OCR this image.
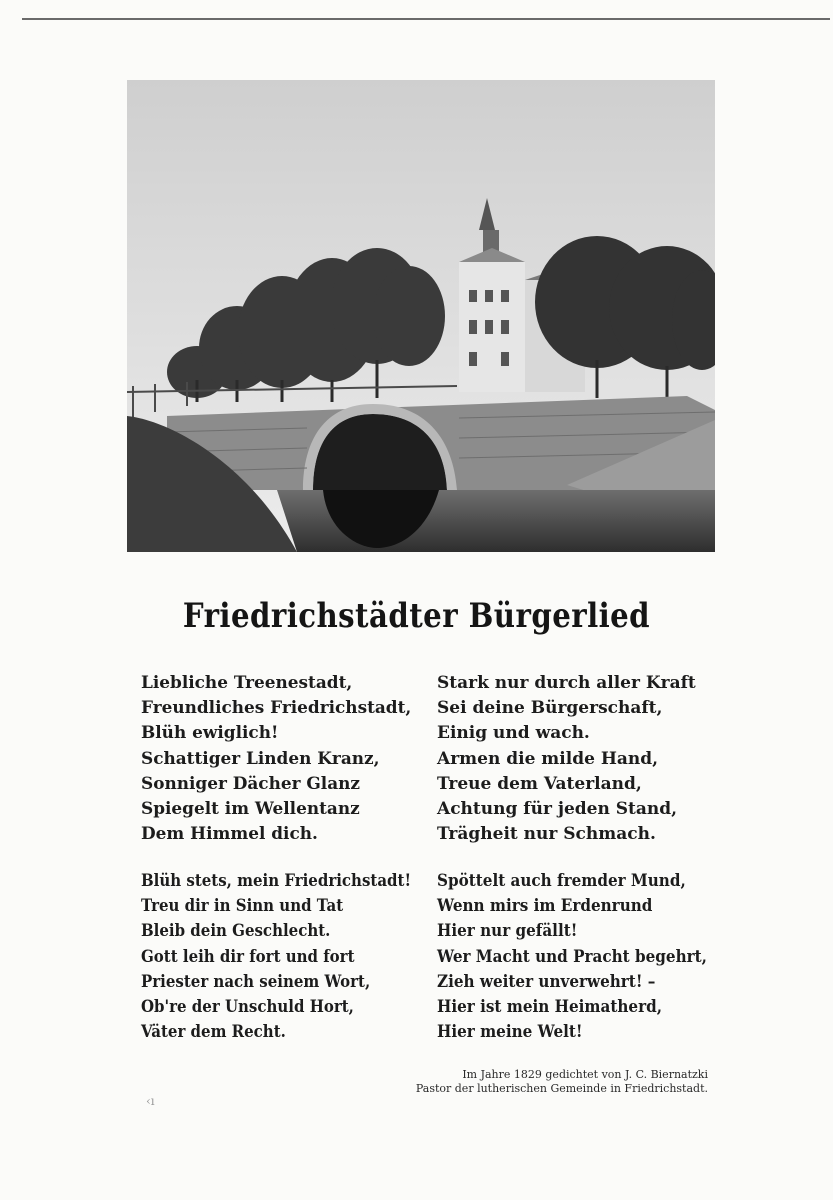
Friedrichstädter Bürgerlied
Liebliche Treenestadt,
Freundliches Friedrichstadt,
Blüh ewiglich!
Schattiger Linden Kranz,
Sonniger Dächer Glanz
Spiegelt im Wellentanz
Dem Himmel dich.
Stark nur durch aller Kraft
Sei deine Bürgerschaft,
Einig und wach.
Armen die milde Hand,
Treue dem Vaterland,
Achtung für jeden Stand,
Trägheit nur Schmach.
Blüh stets, mein Friedrichstadt!
Treu dir in Sinn und Tat
Bleib dein Geschlecht.
Gott leih dir fort und fort
Priester nach seinem Wort,
Ob're der Unschuld Hort,
Väter dem Recht.
Spöttelt auch fremder Mund,
Wenn mirs im Erdenrund
Hier nur gefällt!
Wer Macht und Pracht begehrt,
Zieh weiter unverwehrt! –
Hier ist mein Heimatherd,
Hier meine Welt!
Im Jahre 1829 gedichtet von J. C. Biernatzki
Pastor der lutherischen Gemeinde in Friedrichstadt.
‹ı
